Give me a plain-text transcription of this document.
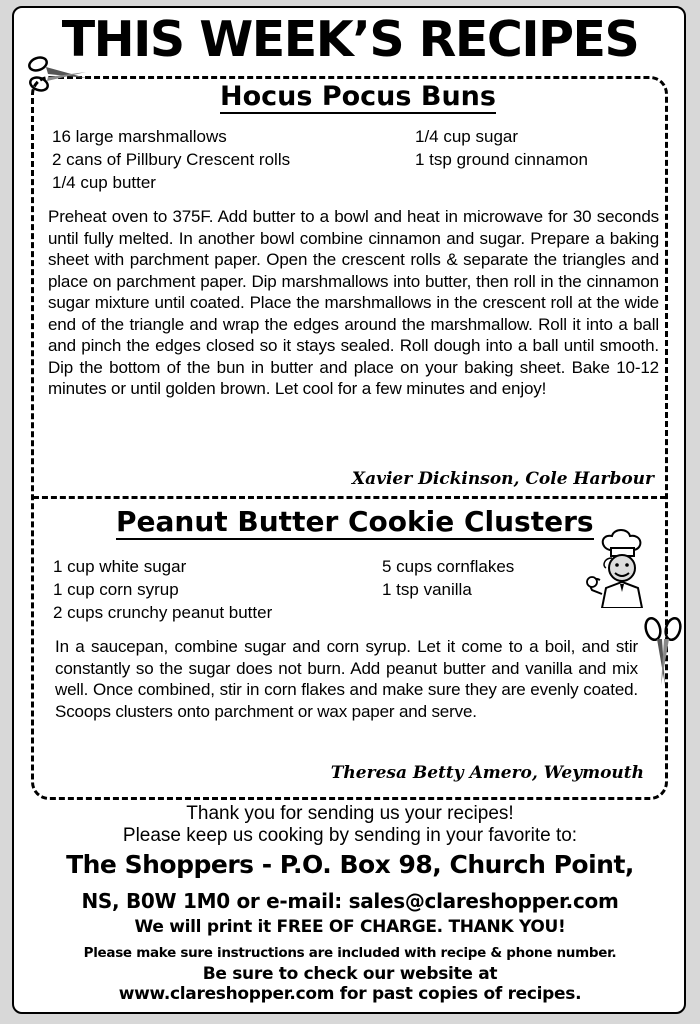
THIS WEEK’S RECIPES
Hocus Pocus Buns
16 large marshmallows
2 cans of Pillbury Crescent rolls
1/4 cup butter
1/4 cup sugar
1 tsp ground cinnamon
Preheat oven to 375F. Add butter to a bowl and heat in microwave for 30 seconds until fully melted. In another bowl combine cinnamon and sugar. Prepare a baking sheet with parchment paper. Open the crescent rolls & separate the triangles and place on parchment paper. Dip marshmallows into butter, then roll in the cinnamon sugar mixture until coated. Place the marshmallows in the crescent roll at the wide end of the triangle and wrap the edges around the marshmallow. Roll it into a ball and pinch the edges closed so it stays sealed. Roll dough into a ball until smooth. Dip the bottom of the bun in butter and place on your baking sheet. Bake 10-12 minutes or until golden brown. Let cool for a few minutes and enjoy!
Xavier Dickinson, Cole Harbour
Peanut Butter Cookie Clusters
1 cup white sugar
1 cup corn syrup
2 cups crunchy peanut butter
5 cups cornflakes
1 tsp vanilla
In a saucepan, combine sugar and corn syrup. Let it come to a boil, and stir constantly so the sugar does not burn. Add peanut butter and vanilla and mix well. Once combined, stir in corn flakes and make sure they are evenly coated. Scoops clusters onto parchment or wax paper and serve.
Theresa Betty Amero, Weymouth
Thank you for sending us your recipes!
Please keep us cooking by sending in your favorite to:
The Shoppers - P.O. Box 98, Church Point,
NS, B0W 1M0 or e-mail: sales@clareshopper.com
We will print it FREE OF CHARGE. THANK YOU!
Please make sure instructions are included with recipe & phone number.
Be sure to check our website at
www.clareshopper.com for past copies of recipes.
